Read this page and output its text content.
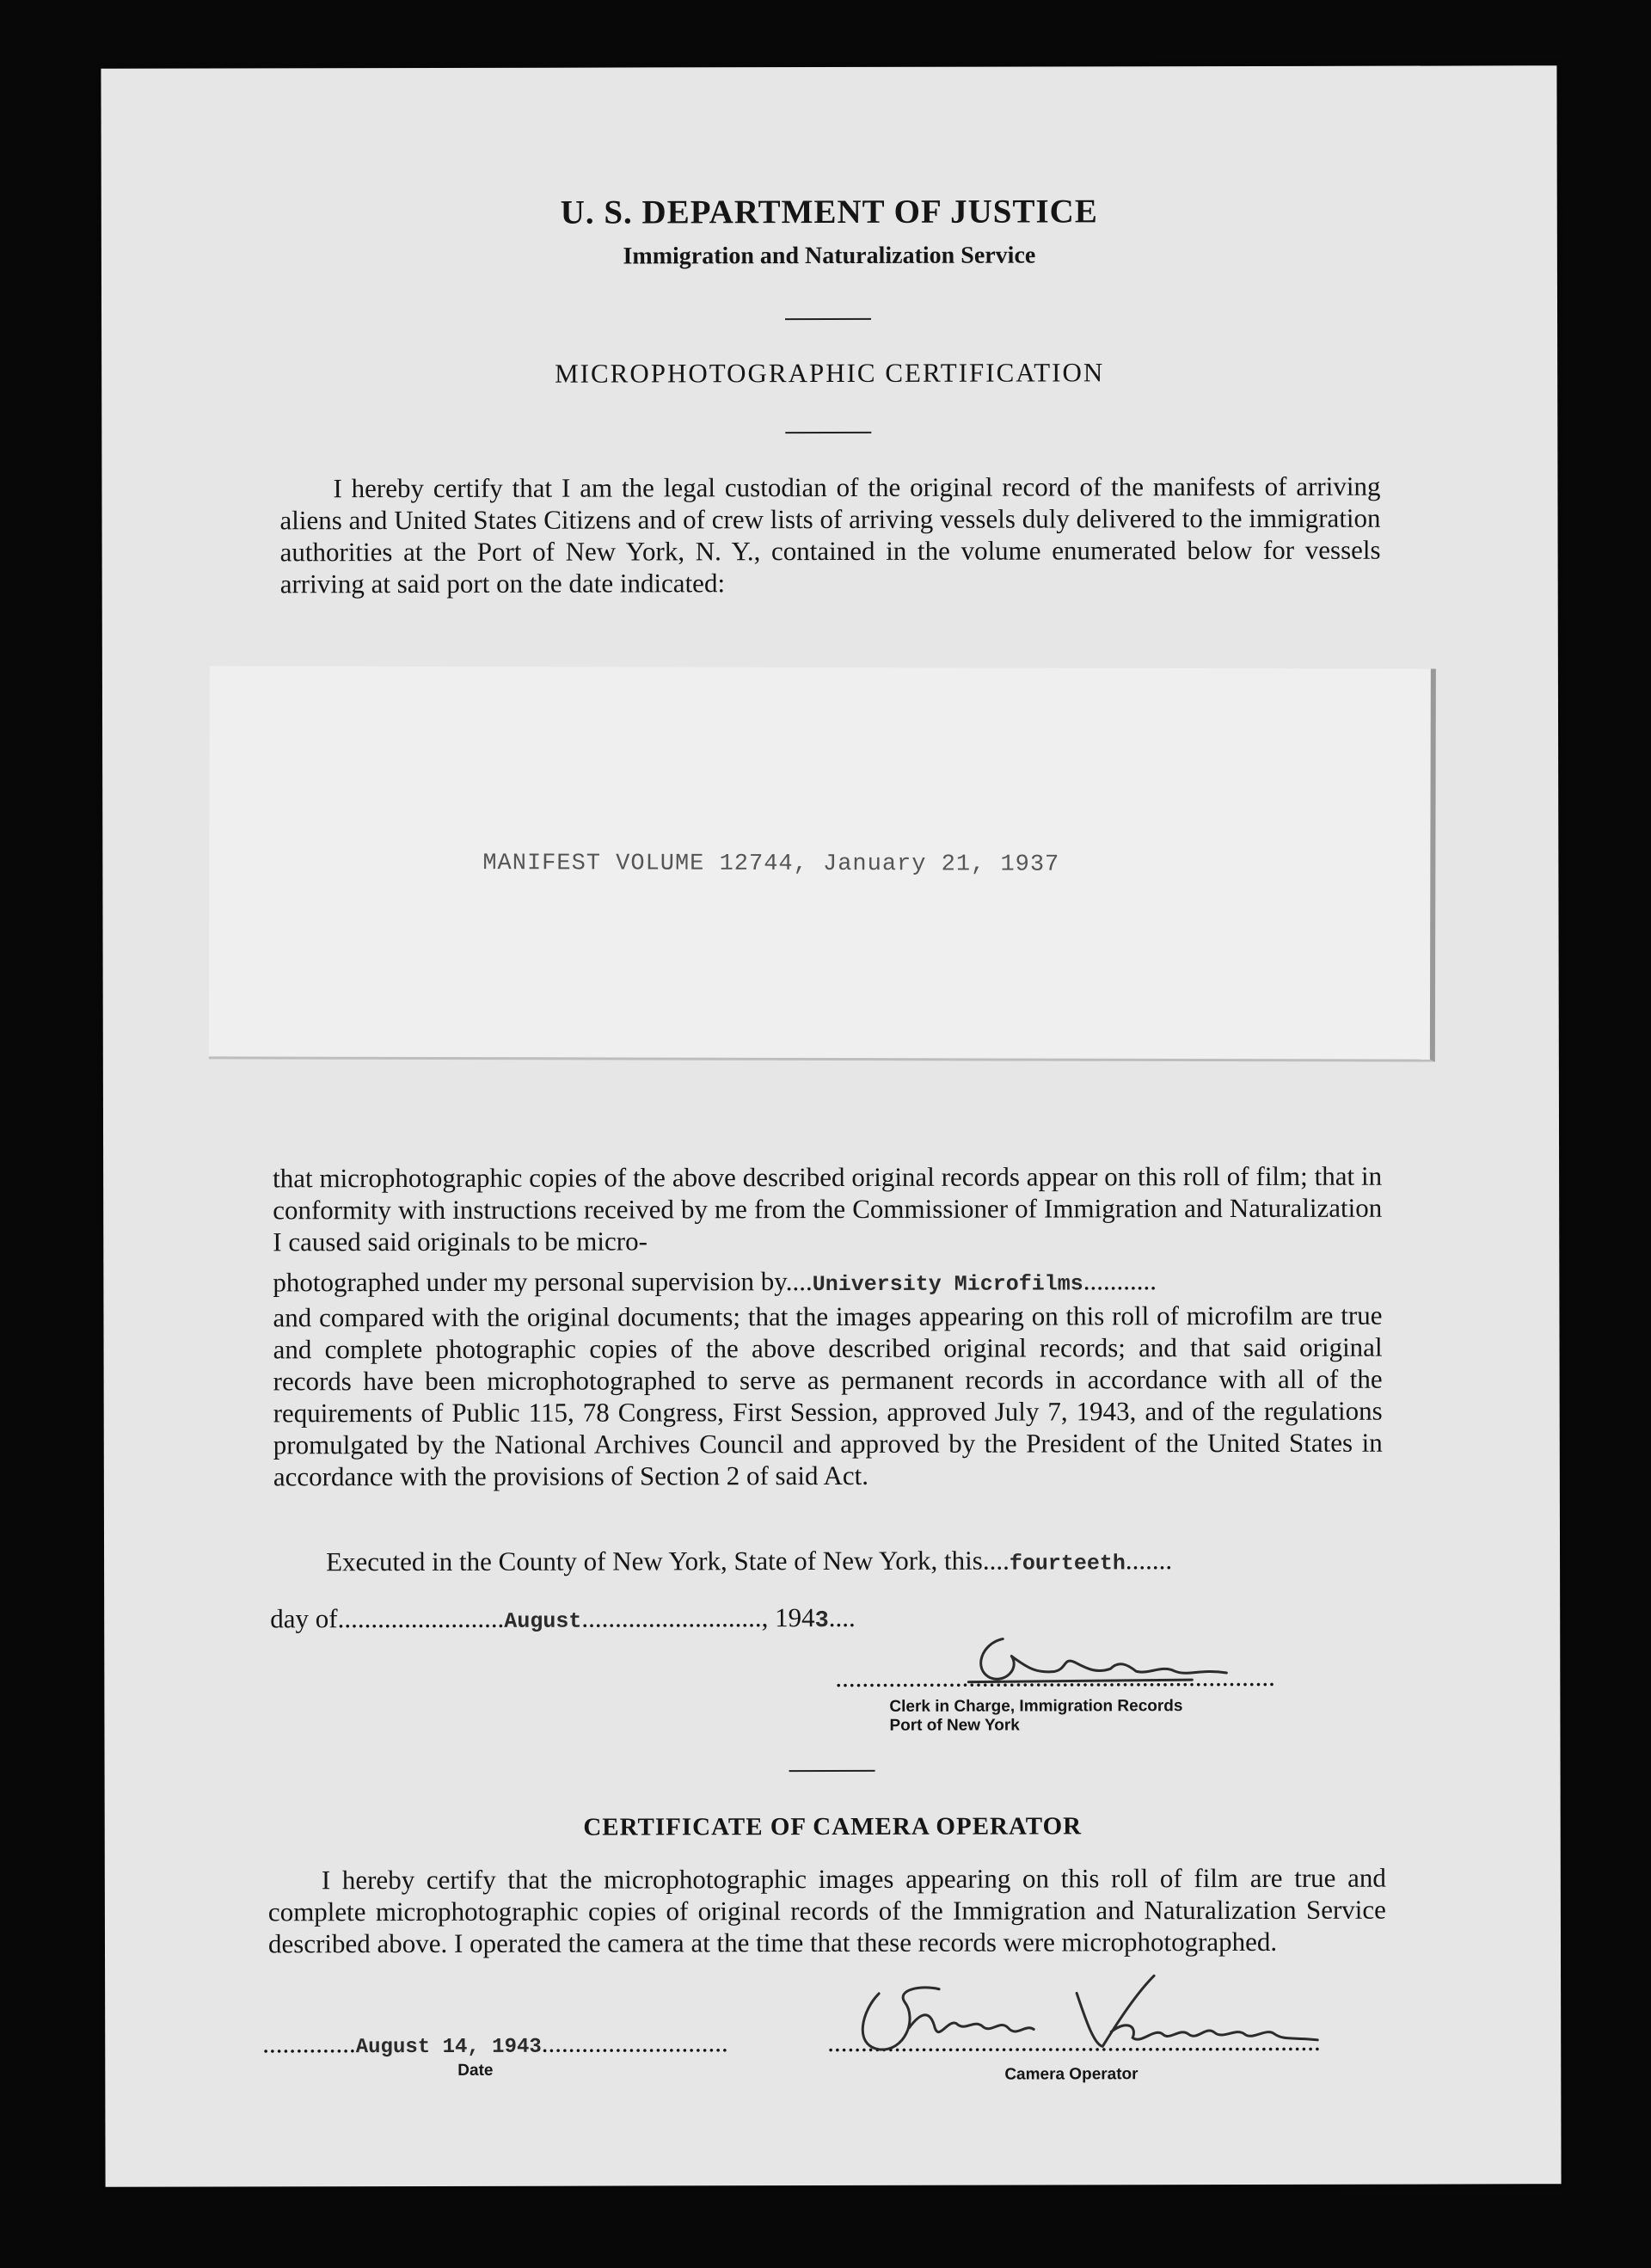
U. S. DEPARTMENT OF JUSTICE
Immigration and Naturalization Service
MICROPHOTOGRAPHIC CERTIFICATION

I hereby certify that I am the legal custodian of the original record of the manifests of arriving aliens and United States Citizens and of crew lists of arriving vessels duly delivered to the immigration authorities at the Port of New York, N. Y., contained in the volume enumerated below for vessels arriving at said port on the date indicated:

MANIFEST VOLUME 12744, January 21, 1937

that microphotographic copies of the above described original records appear on this roll of film; that in conformity with instructions received by me from the Commissioner of Immigration and Naturalization I caused said originals to be micro-

photographed under my personal supervision by....University Microfilms...........

and compared with the original documents; that the images appearing on this roll of microfilm are true and complete photographic copies of the above described original records; and that said original records have been microphotographed to serve as permanent records in accordance with all of the requirements of Public 115, 78 Congress, First Session, approved July 7, 1943, and of the regulations promulgated by the National Archives Council and approved by the President of the United States in accordance with the provisions of Section 2 of said Act.

Executed in the County of New York, State of New York, this....fourteeth.......
day of.........................August..........................., 1943....
..................................................................
Clerk in Charge, Immigration Records
Port of New York
CERTIFICATE OF CAMERA OPERATOR

I hereby certify that the microphotographic images appearing on this roll of film are true and complete microphotographic copies of original records of the Immigration and Naturalization Service described above. I operated the camera at the time that these records were microphotographed.

..............August 14, 1943............................
Date
..........................................................................
Camera Operator
